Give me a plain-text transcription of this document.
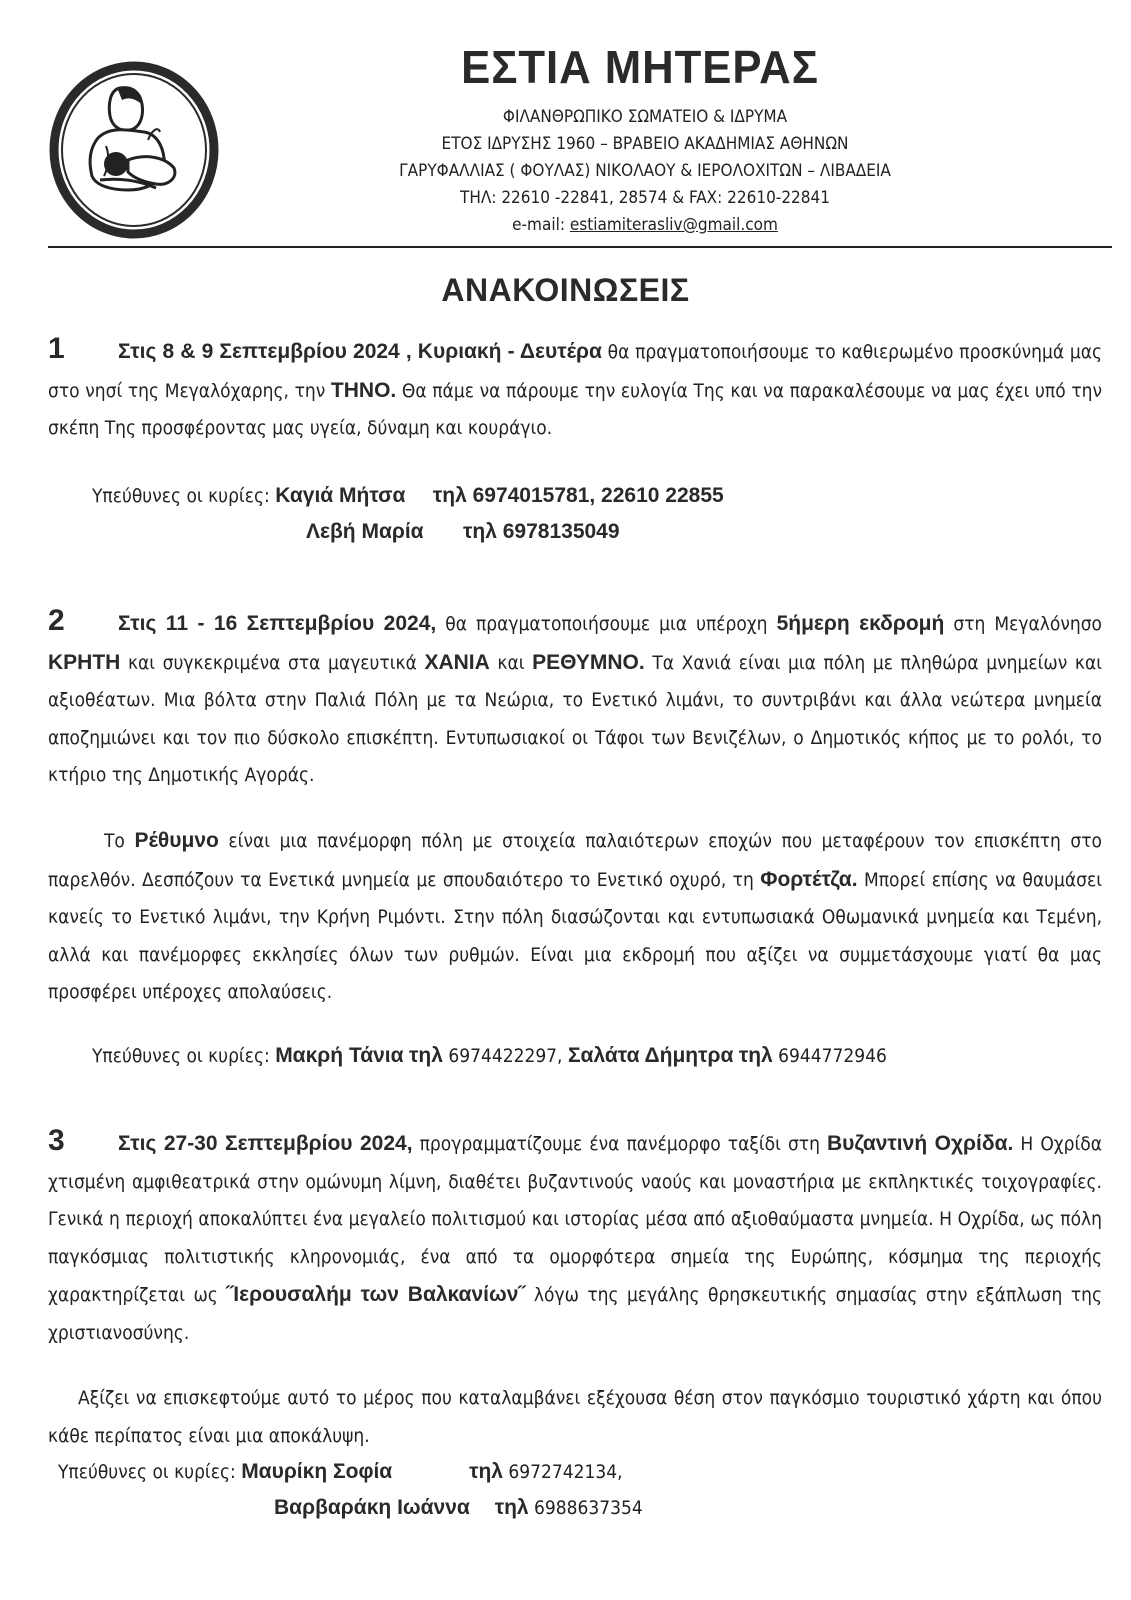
ΕΣΤΙΑ ΜΗΤΕΡΑΣ
ΦΙΛΑΝΘΡΩΠΙΚΟ ΣΩΜΑΤΕΙΟ & ΙΔΡΥΜΑ
ΕΤΟΣ ΙΔΡΥΣΗΣ 1960 – ΒΡΑΒΕΙΟ ΑΚΑΔΗΜΙΑΣ ΑΘΗΝΩΝ
ΓΑΡΥΦΑΛΛΙΑΣ ( ΦΟΥΛΑΣ) ΝΙΚΟΛΑΟΥ & ΙΕΡΟΛΟΧΙΤΩΝ – ΛΙΒΑΔΕΙΑ
ΤΗΛ: 22610 -22841, 28574 & FAX: 22610-22841
e-mail: estiamiterasliv@gmail.com
ΑΝΑΚΟΙΝΩΣΕΙΣ
1	Στις 8 & 9 Σεπτεμβρίου 2024 , Κυριακή - Δευτέρα θα πραγματοποιήσουμε το καθιερωμένο προσκύνημά μας στο νησί της Μεγαλόχαρης, την ΤΗΝΟ. Θα πάμε να πάρουμε την ευλογία Της και να παρακαλέσουμε να μας έχει υπό την σκέπη Της προσφέροντας μας υγεία, δύναμη και κουράγιο.
Υπεύθυνες οι κυρίες: Καγιά Μήτσα τηλ 6974015781, 22610 22855
Λεβή Μαρία τηλ 6978135049
2	Στις 11 - 16 Σεπτεμβρίου 2024, θα πραγματοποιήσουμε μια υπέροχη 5ήμερη εκδρομή στη Μεγαλόνησο ΚΡΗΤΗ και συγκεκριμένα στα μαγευτικά ΧΑΝΙΑ και ΡΕΘΥΜΝΟ. Τα Χανιά είναι μια πόλη με πληθώρα μνημείων και αξιοθέατων. Μια βόλτα στην Παλιά Πόλη με τα Νεώρια, το Ενετικό λιμάνι, το συντριβάνι και άλλα νεώτερα μνημεία αποζημιώνει και τον πιο δύσκολο επισκέπτη. Εντυπωσιακοί οι Τάφοι των Βενιζέλων, ο Δημοτικός κήπος με το ρολόι, το κτήριο της Δημοτικής Αγοράς.
Το Ρέθυμνο είναι μια πανέμορφη πόλη με στοιχεία παλαιότερων εποχών που μεταφέρουν τον επισκέπτη στο παρελθόν. Δεσπόζουν τα Ενετικά μνημεία με σπουδαιότερο το Ενετικό οχυρό, τη Φορτέτζα. Μπορεί επίσης να θαυμάσει κανείς το Ενετικό λιμάνι, την Κρήνη Ριμόντι. Στην πόλη διασώζονται και εντυπωσιακά Οθωμανικά μνημεία και Τεμένη, αλλά και πανέμορφες εκκλησίες όλων των ρυθμών. Είναι μια εκδρομή που αξίζει να συμμετάσχουμε γιατί θα μας προσφέρει υπέροχες απολαύσεις.
Υπεύθυνες οι κυρίες: Μακρή Τάνια τηλ 6974422297, Σαλάτα Δήμητρα τηλ 6944772946
3	Στις 27-30 Σεπτεμβρίου 2024, προγραμματίζουμε ένα πανέμορφο ταξίδι στη Βυζαντινή Οχρίδα. Η Οχρίδα χτισμένη αμφιθεατρικά στην ομώνυμη λίμνη, διαθέτει βυζαντινούς ναούς και μοναστήρια με εκπληκτικές τοιχογραφίες. Γενικά η περιοχή αποκαλύπτει ένα μεγαλείο πολιτισμού και ιστορίας μέσα από αξιοθαύμαστα μνημεία. Η Οχρίδα, ως πόλη παγκόσμιας πολιτιστικής κληρονομιάς, ένα από τα ομορφότερα σημεία της Ευρώπης, κόσμημα της περιοχής χαρακτηρίζεται ως ˝Ιερουσαλήμ των Βαλκανίων˝ λόγω της μεγάλης θρησκευτικής σημασίας στην εξάπλωση της χριστιανοσύνης.
Αξίζει να επισκεφτούμε αυτό το μέρος που καταλαμβάνει εξέχουσα θέση στον παγκόσμιο τουριστικό χάρτη και όπου κάθε περίπατος είναι μια αποκάλυψη.
Υπεύθυνες οι κυρίες: Μαυρίκη Σοφία	τηλ 6972742134,
Βαρβαράκη Ιωάννα τηλ 6988637354
